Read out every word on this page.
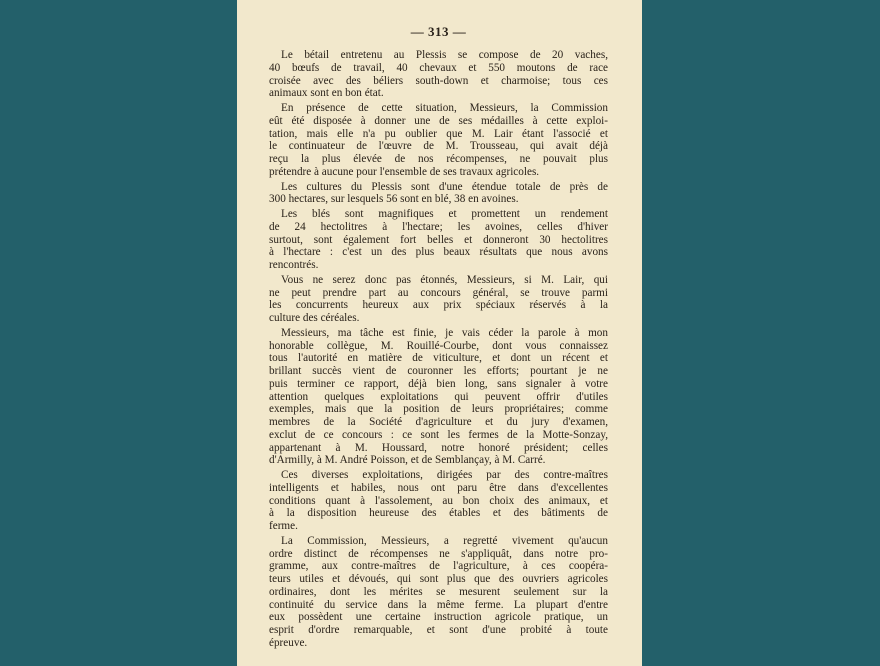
— 313 —
Le bétail entretenu au Plessis se compose de 20 vaches,
40 bœufs de travail, 40 chevaux et 550 moutons de race
croisée avec des béliers south-down et charmoise; tous ces
animaux sont en bon état.
En présence de cette situation, Messieurs, la Commission
eût été disposée à donner une de ses médailles à cette exploi-
tation, mais elle n'a pu oublier que M. Lair étant l'associé et
le continuateur de l'œuvre de M. Trousseau, qui avait déjà
reçu la plus élevée de nos récompenses, ne pouvait plus
prétendre à aucune pour l'ensemble de ses travaux agricoles.
Les cultures du Plessis sont d'une étendue totale de près de
300 hectares, sur lesquels 56 sont en blé, 38 en avoines.
Les blés sont magnifiques et promettent un rendement
de 24 hectolitres à l'hectare; les avoines, celles d'hiver
surtout, sont également fort belles et donneront 30 hectolitres
à l'hectare : c'est un des plus beaux résultats que nous avons
rencontrés.
Vous ne serez donc pas étonnés, Messieurs, si M. Lair, qui
ne peut prendre part au concours général, se trouve parmi
les concurrents heureux aux prix spéciaux réservés à la
culture des céréales.
Messieurs, ma tâche est finie, je vais céder la parole à mon
honorable collègue, M. Rouillé-Courbe, dont vous connaissez
tous l'autorité en matière de viticulture, et dont un récent et
brillant succès vient de couronner les efforts; pourtant je ne
puis terminer ce rapport, déjà bien long, sans signaler à votre
attention quelques exploitations qui peuvent offrir d'utiles
exemples, mais que la position de leurs propriétaires; comme
membres de la Société d'agriculture et du jury d'examen,
exclut de ce concours : ce sont les fermes de la Motte-Sonzay,
appartenant à M. Houssard, notre honoré président; celles
d'Armilly, à M. André Poisson, et de Semblançay, à M. Carré.
Ces diverses exploitations, dirigées par des contre-maîtres
intelligents et habiles, nous ont paru être dans d'excellentes
conditions quant à l'assolement, au bon choix des animaux, et
à la disposition heureuse des étables et des bâtiments de
ferme.
La Commission, Messieurs, a regretté vivement qu'aucun
ordre distinct de récompenses ne s'appliquât, dans notre pro-
gramme, aux contre-maîtres de l'agriculture, à ces coopéra-
teurs utiles et dévoués, qui sont plus que des ouvriers agricoles
ordinaires, dont les mérites se mesurent seulement sur la
continuité du service dans la même ferme. La plupart d'entre
eux possèdent une certaine instruction agricole pratique, un
esprit d'ordre remarquable, et sont d'une probité à toute
épreuve.
